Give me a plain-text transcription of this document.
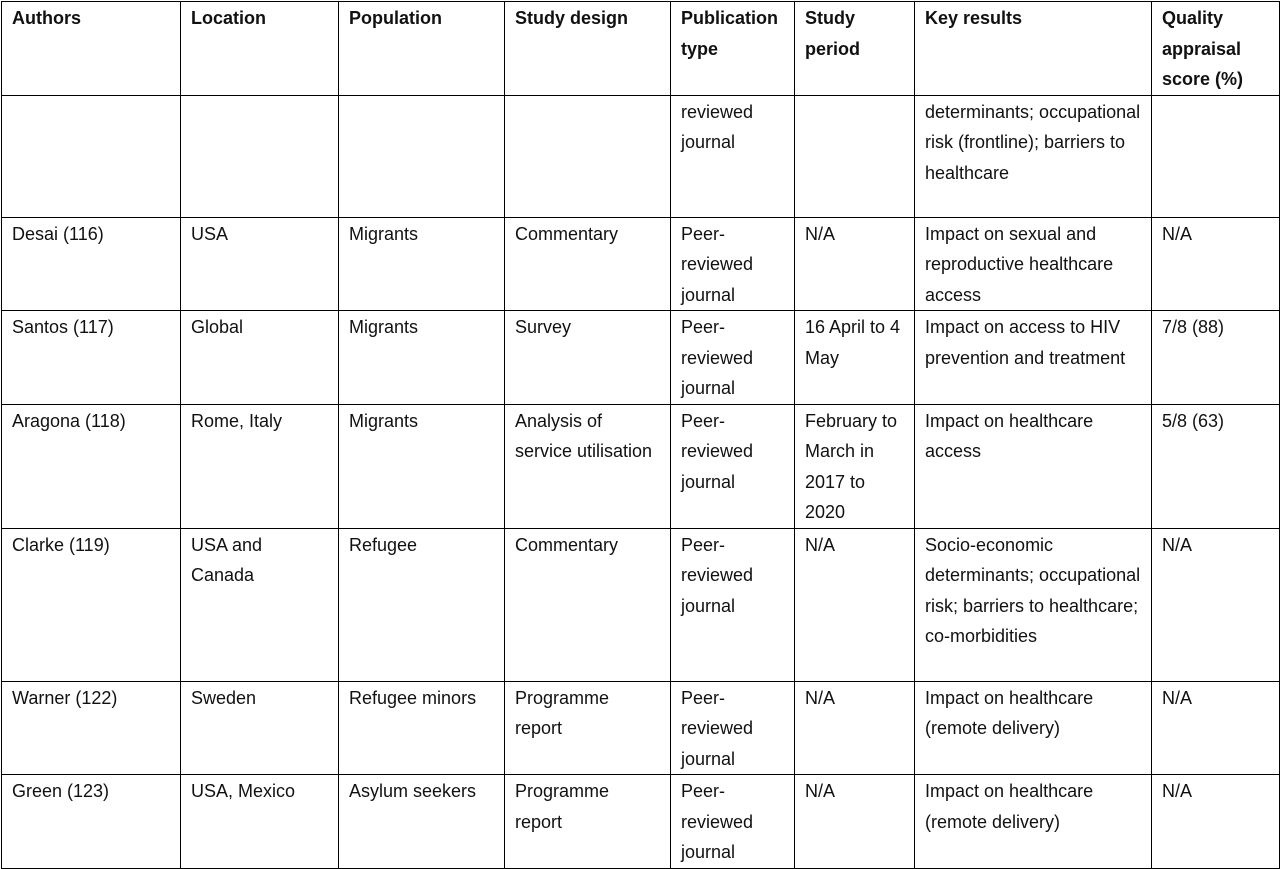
Authors	Location	Population	Study design	Publication type	Study period	Key results	Quality appraisal score (%)
				reviewed journal		determinants; occupational risk (frontline); barriers to healthcare	
Desai (116)	USA	Migrants	Commentary	Peer-reviewed journal	N/A	Impact on sexual and reproductive healthcare access	N/A
Santos (117)	Global	Migrants	Survey	Peer-reviewed journal	16 April to 4 May	Impact on access to HIV prevention and treatment	7/8 (88)
Aragona (118)	Rome, Italy	Migrants	Analysis of service utilisation	Peer-reviewed journal	February to March in 2017 to 2020	Impact on healthcare access	5/8 (63)
Clarke (119)	USA and Canada	Refugee	Commentary	Peer-reviewed journal	N/A	Socio-economic determinants; occupational risk; barriers to healthcare; co-morbidities	N/A
Warner (122)	Sweden	Refugee minors	Programme report	Peer-reviewed journal	N/A	Impact on healthcare (remote delivery)	N/A
Green (123)	USA, Mexico	Asylum seekers	Programme report	Peer-reviewed journal	N/A	Impact on healthcare (remote delivery)	N/A
